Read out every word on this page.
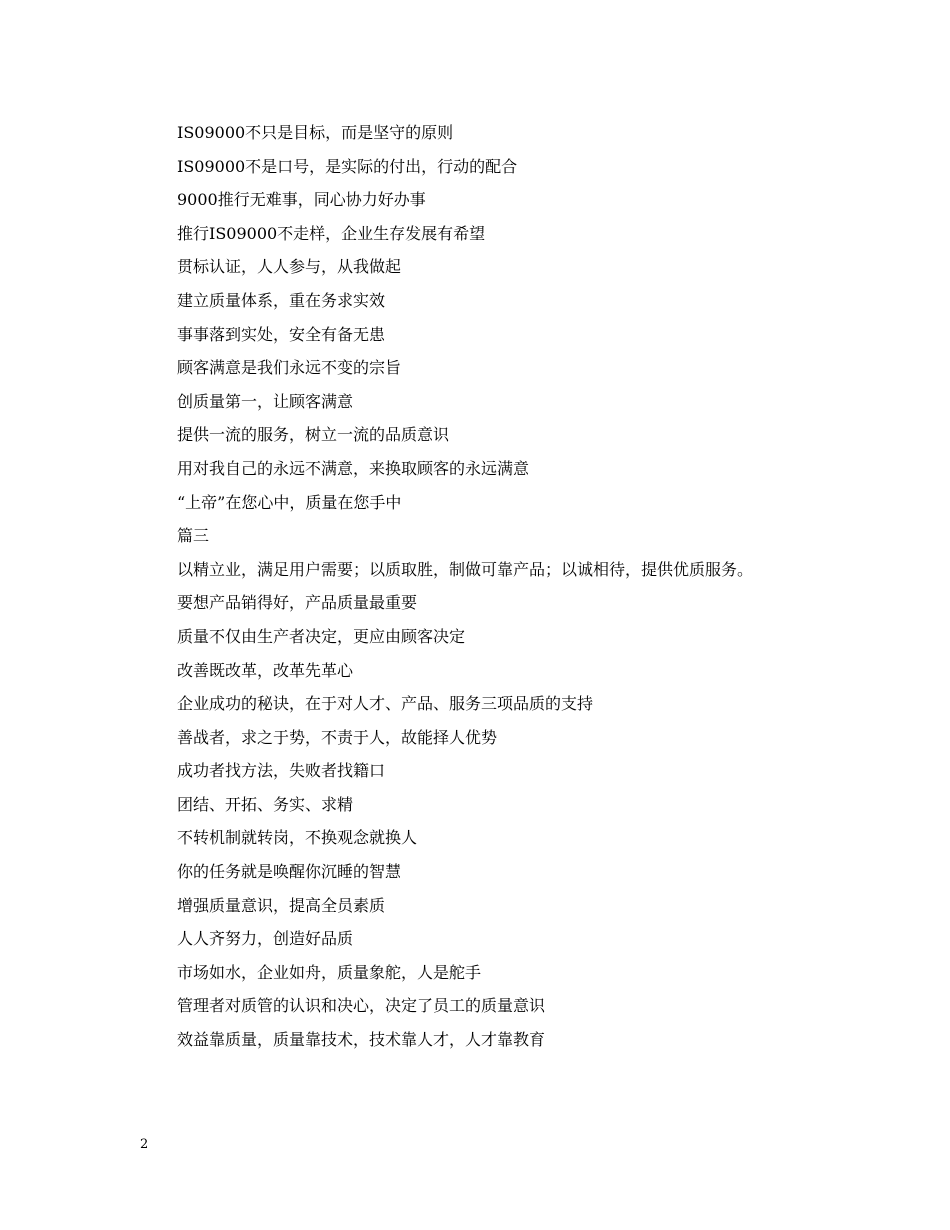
IS09000不只是目标，而是坚守的原则
IS09000不是口号，是实际的付出，行动的配合
9000推行无难事，同心协力好办事
推行IS09000不走样，企业生存发展有希望
贯标认证，人人参与，从我做起
建立质量体系，重在务求实效
事事落到实处，安全有备无患
顾客满意是我们永远不变的宗旨
创质量第一，让顾客满意
提供一流的服务，树立一流的品质意识
用对我自己的永远不满意，来换取顾客的永远满意
“上帝”在您心中，质量在您手中
篇三
以精立业，满足用户需要；以质取胜，制做可靠产品；以诚相待，提供优质服务。
要想产品销得好，产品质量最重要
质量不仅由生产者决定，更应由顾客决定
改善既改革，改革先革心
企业成功的秘诀，在于对人才、产品、服务三项品质的支持
善战者，求之于势，不责于人，故能择人优势
成功者找方法，失败者找籍口
团结、开拓、务实、求精
不转机制就转岗，不换观念就换人
你的任务就是唤醒你沉睡的智慧
增强质量意识，提高全员素质
人人齐努力，创造好品质
市场如水，企业如舟，质量象舵，人是舵手
管理者对质管的认识和决心，决定了员工的质量意识
效益靠质量，质量靠技术，技术靠人才，人才靠教育
2
